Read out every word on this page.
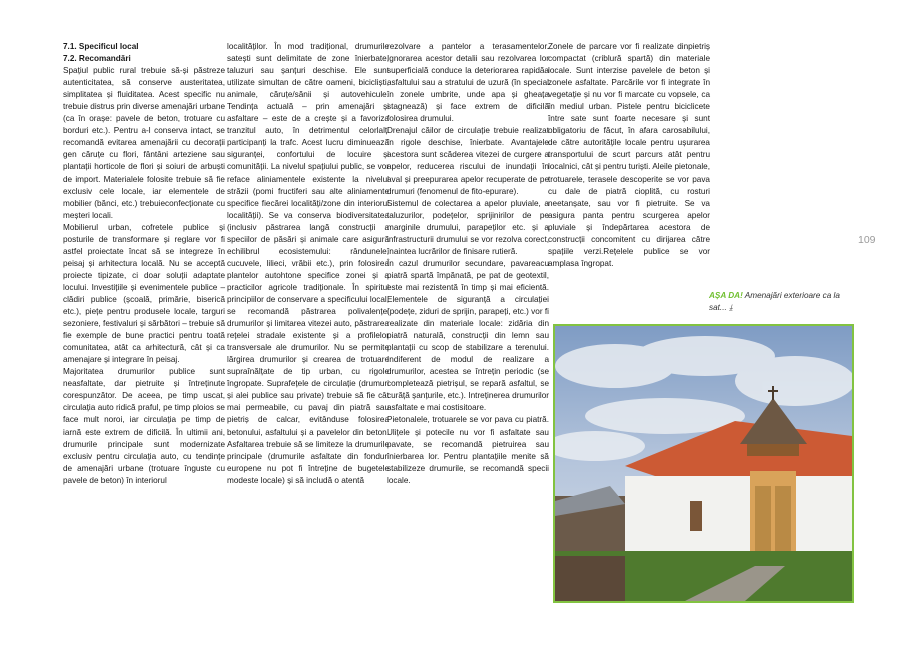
7.1. Specificul local

7.2. Recomandări

Spațiul public rural trebuie să-și păstreze autenticitatea, să conserve austeritatea, simplitatea și fluiditatea. Acest specific nu trebuie distrus prin diverse amenajări urbane (ca în orașe: pavele de beton, trotuare cu borduri etc.). Pentru a-l conserva intact, se recomandă evitarea amenajării cu decorații gen căruțe cu flori, fântâni arteziene sau plantații horticole de flori și soiuri de arbuști de import. Materialele folosite trebuie să fie exclusiv cele locale, iar elementele de mobilier (bănci, etc.) trebuieconfecționate cu meșteri locali.

Mobilierul urban, cofretele publice și posturile de transformare și reglare vor fi astfel proiectate încat să se integreze în peisaj și arhitectura locală. Nu se acceptă proiecte tipizate, ci doar soluții adaptate locului. Investițiile și evenimentele publice – clădiri publice (școală, primărie, biserică etc.), piețe pentru produsele locale, targuri sezoniere, festivaluri și sărbători – trebuie să fie exemple de bune practici pentru toată comunitatea, atât ca arhitectură, cât și ca amenajare și integrare în peisaj.

Majoritatea drumurilor publice sunt neasfaltate, dar pietruite și întreținute corespunzător. De aceea, pe timp uscat, circulația auto ridică praful, pe timp ploios se face mult noroi, iar circulația pe timp de iarnă este extrem de dificilă. În ultimii ani, drumurile principale sunt modernizate exclusiv pentru circulația auto, cu tendințe de amenajări urbane (trotuare înguste cu pavele de beton) în interiorul

localităților. În mod tradițional, drumurile satești sunt delimitate de zone înierbate, taluzuri sau șanțuri deschise. Ele sunt utilizate simultan de către oameni, bicicliști, animale, căruțe/sănii și autovehicule. Tendința actuală – prin amenajări și asfaltare – este de a crește și a favoriza tranzitul auto, în detrimentul celorlalți participanți la trafc. Acest lucru diminuează siguranței, confortului de locuire și comunității. La nivelul spațiului public, se vor reface aliniamentele existente la nivelul străzii (pomi fructiferi sau alte aliniamente specifice fiecărei localități/zone din interiorul localității). Se va conserva biodiversitatea (inclusiv păstrarea langă construcții a speciilor de păsări și animale care asigură echilibrul ecosistemului: rândunele, cucuvele, lilieci, vrăbii etc.), prin folosirea plantelor autohtone specifice zonei și a practicilor agricole tradiționale. În spiritul principiilor de conservare a specificului local, se recomandă păstrarea polivalenței drumurilor și limitarea vitezei auto, păstrarea rețelei stradale existente și a profilelor transversale ale drumurilor. Nu se permite lărgirea drumurilor și crearea de trotuare supraînălțate de tip urban, cu rigole îngropate. Suprafețele de circulație (drumuri și alei publice sau private) trebuie să fie cât mai permeabile, cu pavaj din piatră sau pietriș de calcar, evitânduse folosirea betonului, asfaltului și a pavelelor din beton. Asfaltarea trebuie să se limiteze la drumurile principale (drumurile asfaltate din fonduri europene nu pot fi întreținе de bugetele modeste locale) și să includă o atentă

rezolvare a pantelor a terasamentelor. Ignorarea acestor detalii sau rezolvarea lor superficială conduce la deteriorarea rapidăa asfaltului sau a stratului de uzură (în special în zonele umbrite, unde apa și gheața stagnează) și face extrem de dificilă folosirea drumului.

Drenajul căilor de circulație trebuie realizat în rigole deschise, înierbate. Avantajele acestora sunt scăderea vitezei de curgere a apelor, reducerea riscului de inundații în aval și preepurarea apelor recuperate de pe drumuri (fenomenul de fito-epurare).

Sistemul de colectarea a apelor pluviale, a taluzurilor, podețelor, sprijinirilor de pe marginile drumului, parapeților etc. și a infrastructurii drumului se vor rezolva corect, înaintea lucrărilor de finisare rutieră.

În cazul drumurilor secundare, pavareacu piatră spartă împănată, pe pat de geotextil, este mai rezistentă în timp și mai eficientă. Elementele de siguranță a circulației (podețe, ziduri de sprijin, parapeți, etc.) vor fi realizate din materiale locale: zidăria din piatră naturală, construcții din lemn sau plantații cu scop de stabilizare a terenului. Indiferent de modul de realizare a drumurilor, acestea se întrețin periodic (se completează pietrișul, se repară asfaltul, se curăță șanțurile, etc.). Intreținerea drumurilor asfaltate e mai costisitoare.

Pietonalele, trotuarele se vor pava cu piatră. Ulițele și potecile nu vor fi asfaltate sau pavate, se recomandă pietruirea sau înierbarea lor. Pentru plantațiile menite să stabilizeze drumurile, se recomandă specii locale.

Zonele de parcare vor fi realizate dinpietriș compactat (criblură spartă) din materiale locale. Sunt interzise pavelele de beton și zonele asfaltate. Parcările vor fi integrate în vegetație și nu vor fi marcate cu vopsele, ca în mediul urban. Pistele pentru biciclicete între sate sunt foarte necesare și sunt obligatoriu de făcut, în afara carosabilului, de către autoritățile locale pentru ușurarea transportului de scurt parcurs atât pentru localnici, cât și pentru turiști. Aleile pietonale, trotuarele, terasele descoperite se vor pava cu dale de piatră cioplită, cu rosturi neetanșate, sau vor fi pietruite. Se va asigura panta pentru scurgerea apelor pluviale și îndepărtarea acestora de construcții concomitent cu dirijarea către spațiile verzi.Rețelele publice se vor amplasa îngropat.

109
AȘA DA! Amenajări exterioare ca la sat... ⤓
